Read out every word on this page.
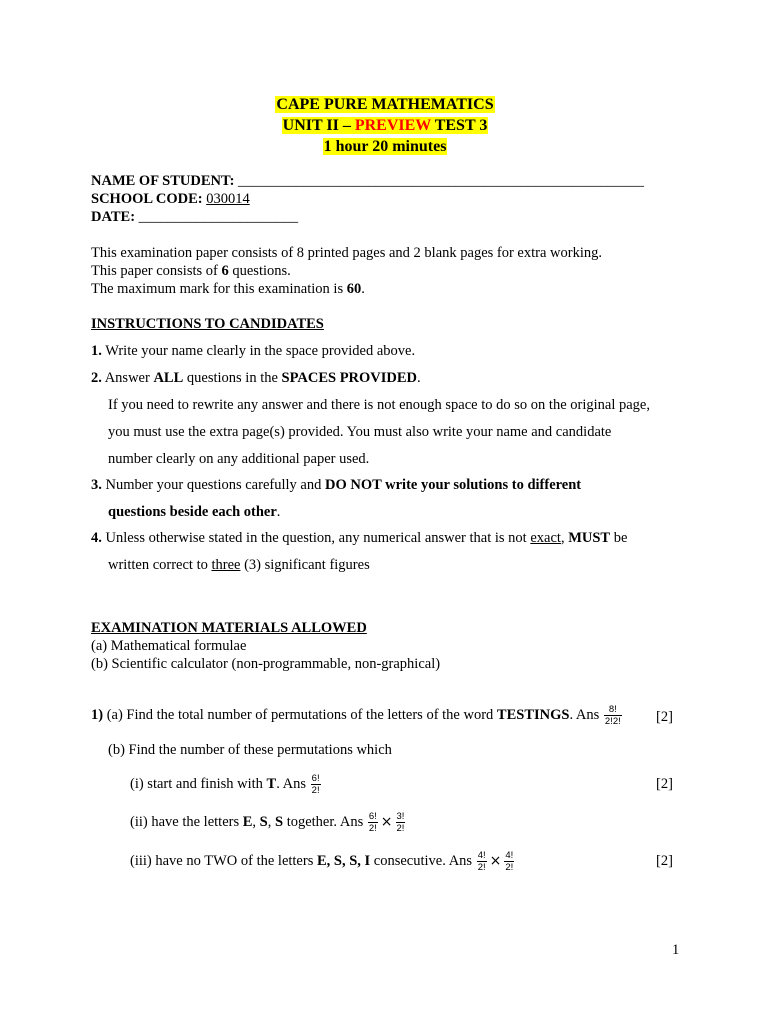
CAPE PURE MATHEMATICS
UNIT II – PREVIEW TEST 3
1 hour 20 minutes
NAME OF STUDENT: ________________________________________________________
SCHOOL CODE: 030014
DATE: ______________________
This examination paper consists of 8 printed pages and 2 blank pages for extra working.
This paper consists of 6 questions.
The maximum mark for this examination is 60.
INSTRUCTIONS TO CANDIDATES
1. Write your name clearly in the space provided above.
2. Answer ALL questions in the SPACES PROVIDED.
If you need to rewrite any answer and there is not enough space to do so on the original page,
you must use the extra page(s) provided. You must also write your name and candidate
number clearly on any additional paper used.
3. Number your questions carefully and DO NOT write your solutions to different
questions beside each other.
4. Unless otherwise stated in the question, any numerical answer that is not exact, MUST be
written correct to three (3) significant figures
EXAMINATION MATERIALS ALLOWED
(a) Mathematical formulae
(b) Scientific calculator (non-programmable, non-graphical)
1) (a) Find the total number of permutations of the letters of the word TESTINGS. Ans $\frac{8!}{2!2!} [2]$
(b) Find the number of these permutations which
(i) start and finish with T. Ans $\frac{6!}{2!}$	[2]
(ii) have the letters E, S, S together. Ans $\frac{6!}{2!} \times \frac{3!}{2!}$
(iii) have no TWO of the letters E, S, S, I consecutive. Ans $\frac{4!}{2!} \times \frac{4!}{2!}$	[2]
1
